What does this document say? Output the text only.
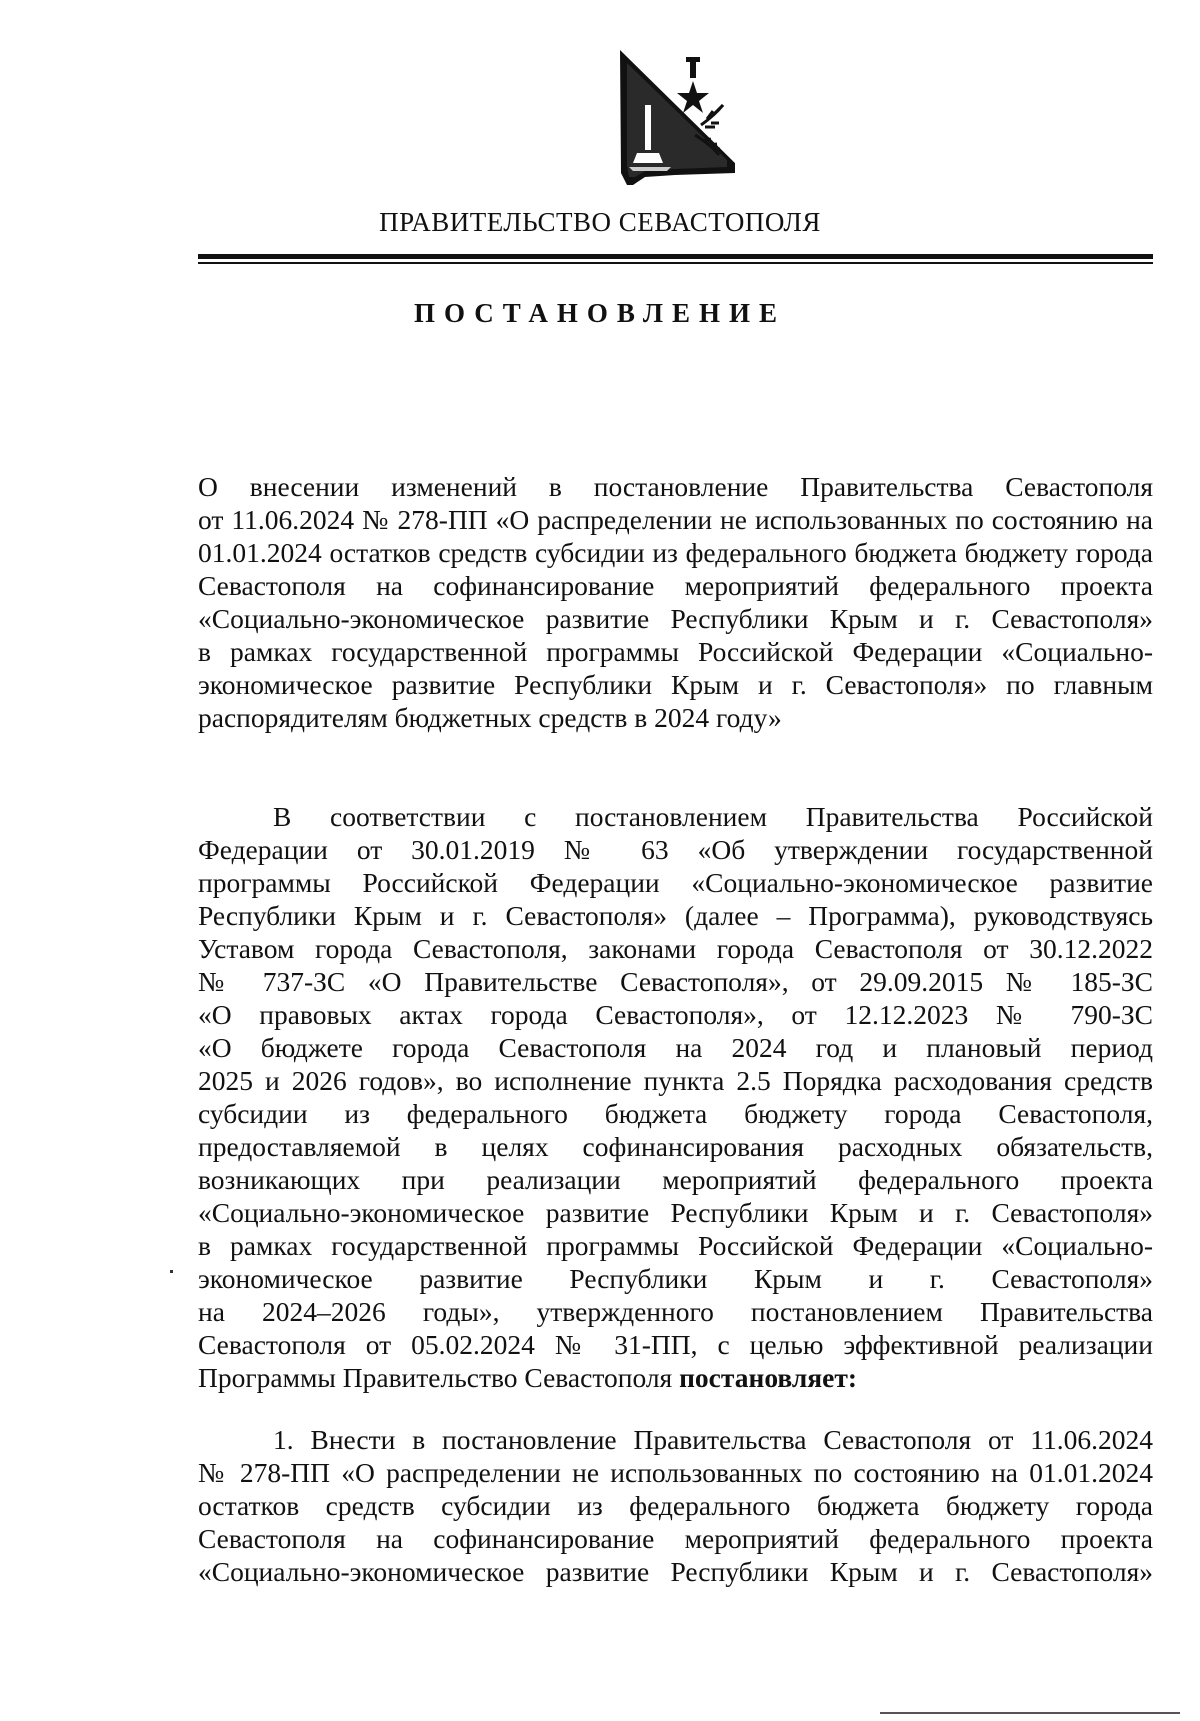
ПРАВИТЕЛЬСТВО СЕВАСТОПОЛЯ
ПОСТАНОВЛЕНИЕ
О внесении изменений в постановление Правительства Севастополя
от 11.06.2024 № 278-ПП «О распределении не использованных по состоянию на
01.01.2024 остатков средств субсидии из федерального бюджета бюджету города
Севастополя на софинансирование мероприятий федерального проекта
«Социально-экономическое развитие Республики Крым и г. Севастополя»
в рамках государственной программы Российской Федерации «Социально-
экономическое развитие Республики Крым и г. Севастополя» по главным
распорядителям бюджетных средств в 2024 году»
В соответствии с постановлением Правительства Российской
Федерации от 30.01.2019 № 63 «Об утверждении государственной
программы Российской Федерации «Социально-экономическое развитие
Республики Крым и г. Севастополя» (далее – Программа), руководствуясь
Уставом города Севастополя, законами города Севастополя от 30.12.2022
№ 737-ЗС «О Правительстве Севастополя», от 29.09.2015 № 185-ЗС
«О правовых актах города Севастополя», от 12.12.2023 № 790-ЗС
«О бюджете города Севастополя на 2024 год и плановый период
2025 и 2026 годов», во исполнение пункта 2.5 Порядка расходования средств
субсидии из федерального бюджета бюджету города Севастополя,
предоставляемой в целях софинансирования расходных обязательств,
возникающих при реализации мероприятий федерального проекта
«Социально-экономическое развитие Республики Крым и г. Севастополя»
в рамках государственной программы Российской Федерации «Социально-
экономическое развитие Республики Крым и г. Севастополя»
на 2024–2026 годы», утвержденного постановлением Правительства
Севастополя от 05.02.2024 № 31-ПП, с целью эффективной реализации
Программы Правительство Севастополя постановляет:
1. Внести в постановление Правительства Севастополя от 11.06.2024
№ 278-ПП «О распределении не использованных по состоянию на 01.01.2024
остатков средств субсидии из федерального бюджета бюджету города
Севастополя на софинансирование мероприятий федерального проекта
«Социально-экономическое развитие Республики Крым и г. Севастополя»
